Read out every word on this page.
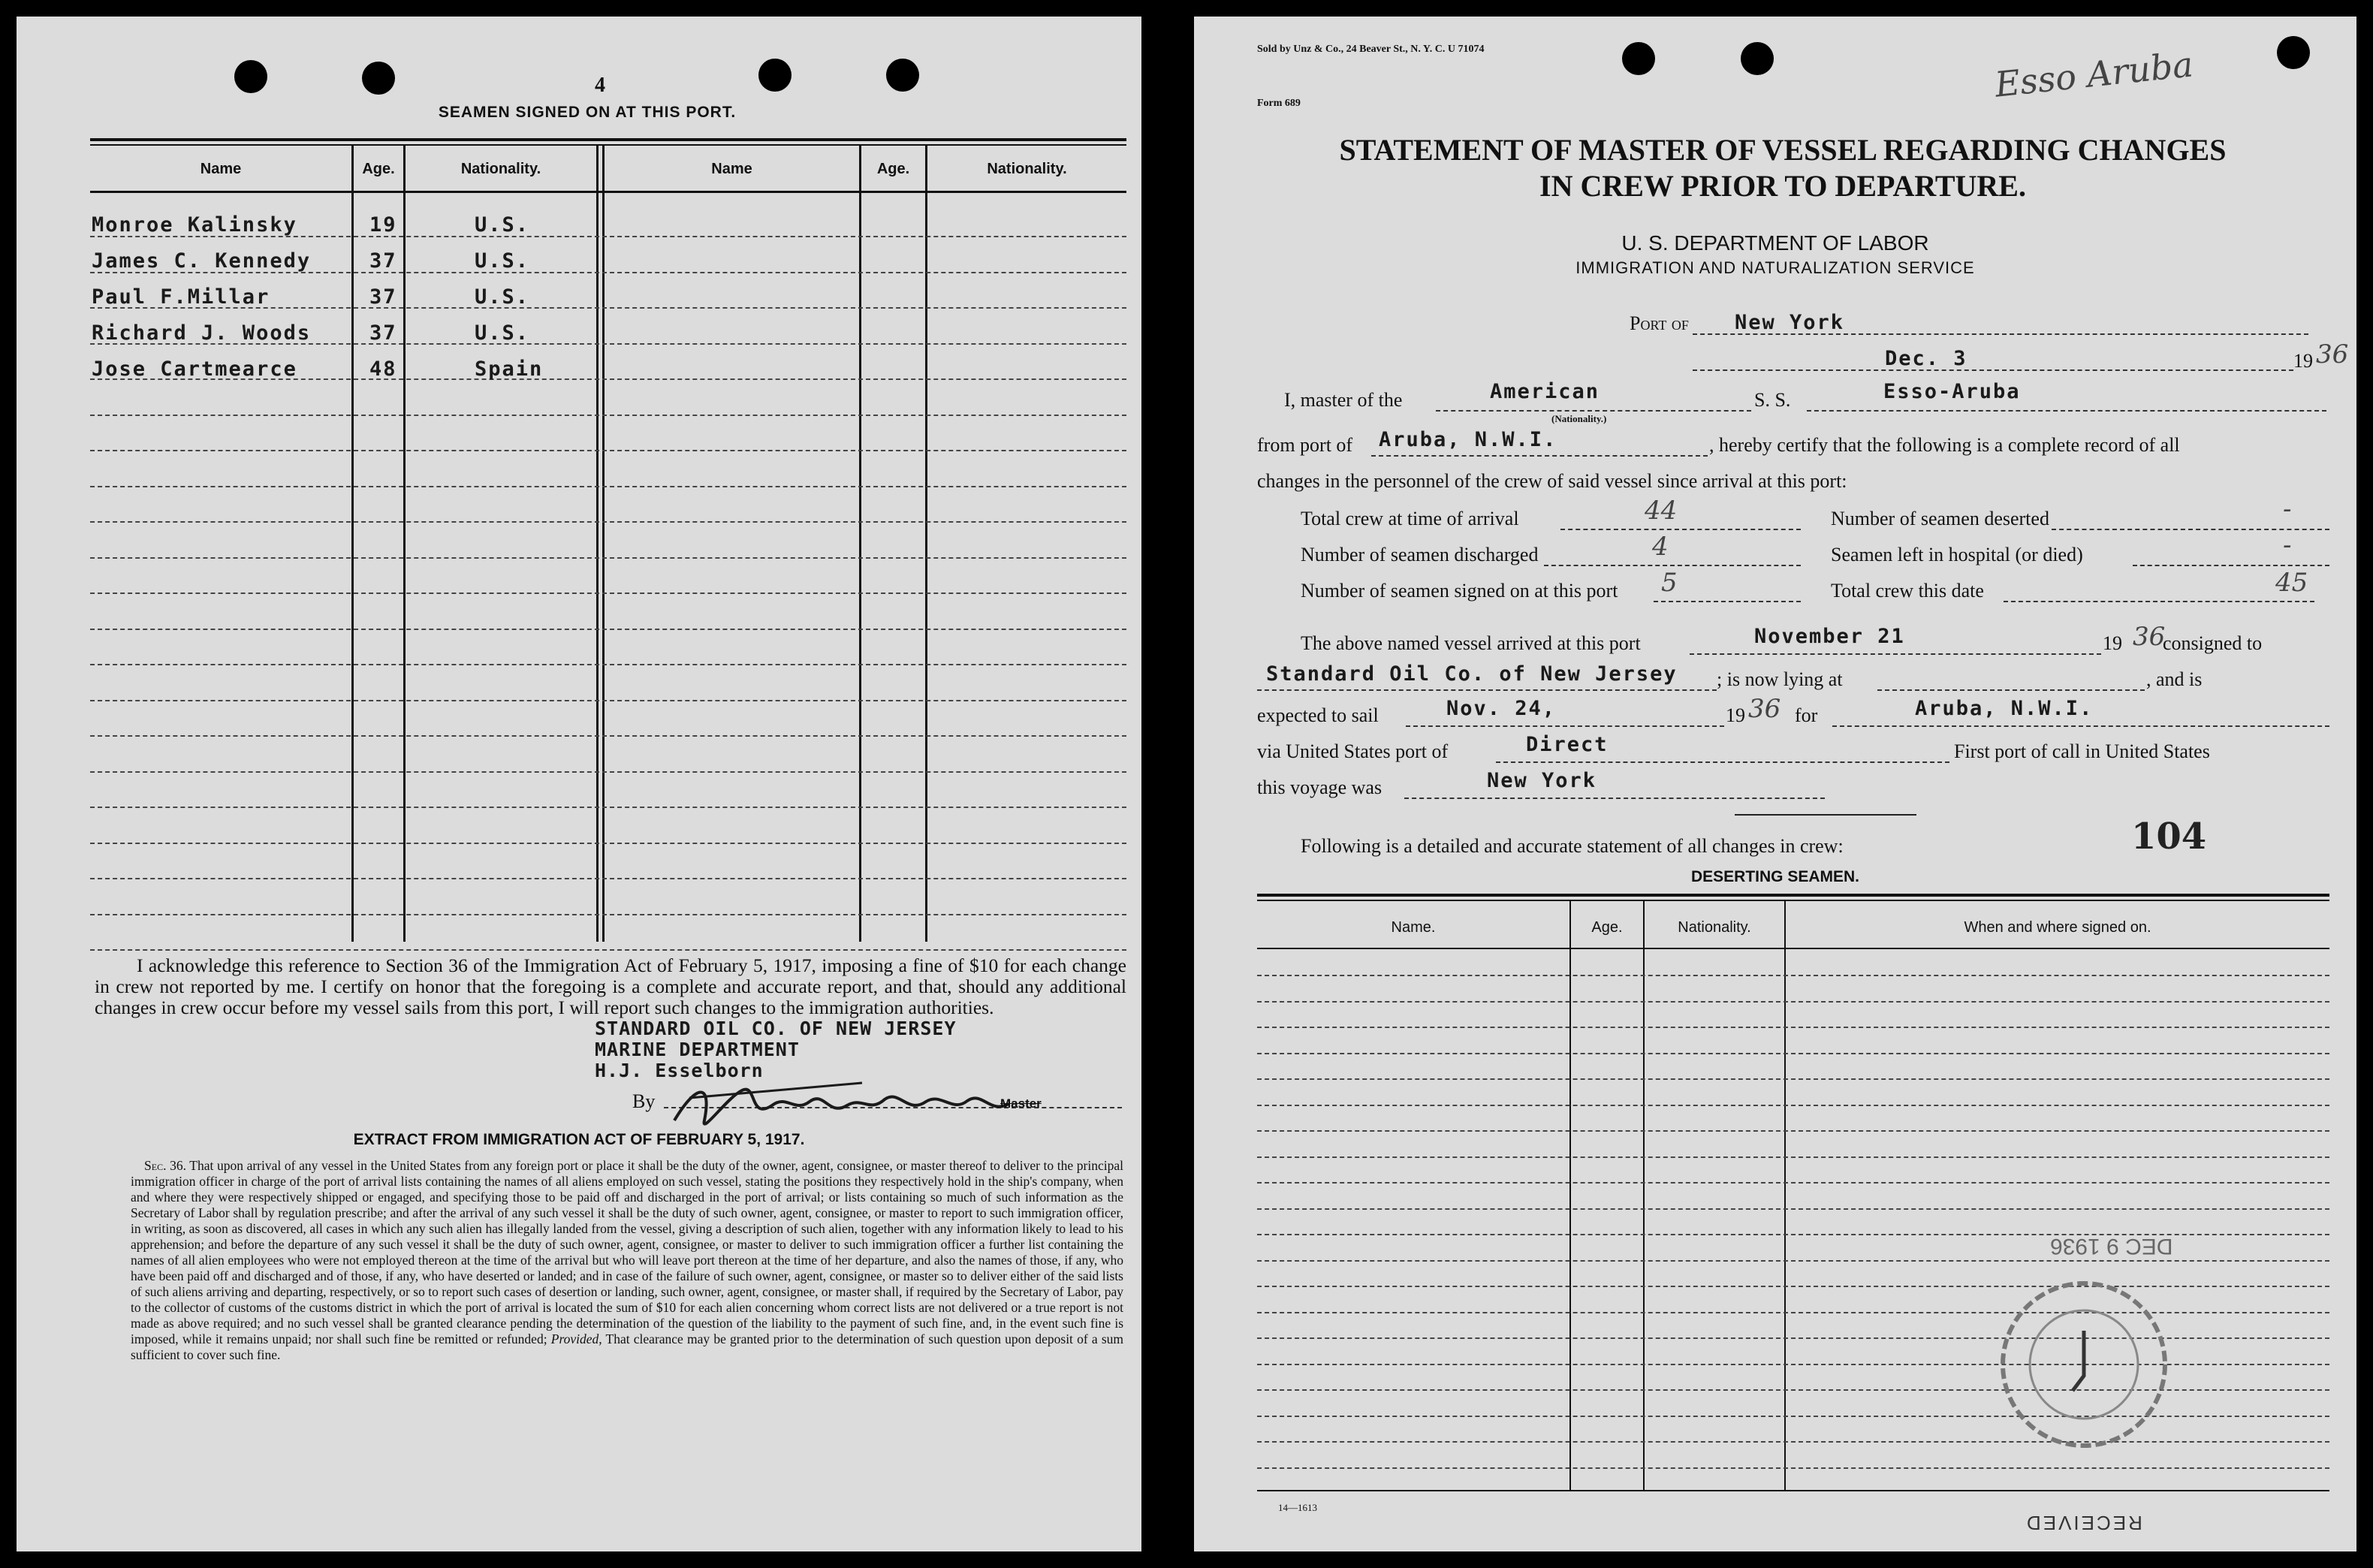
4
SEAMEN SIGNED ON AT THIS PORT.
Name	Age.	Nationality.	Name	Age.	Nationality.
Monroe Kalinsky	19	U.S.
James C. Kennedy	37	U.S.
Paul F.Millar	37	U.S.
Richard J. Woods	37	U.S.
Jose Cartmearce	48	Spain
I acknowledge this reference to Section 36 of the Immigration Act of February 5, 1917, imposing a fine of $10 for each change in crew not reported by me. I certify on honor that the foregoing is a complete and accurate report, and that, should any additional changes in crew occur before my vessel sails from this port, I will report such changes to the immigration authorities.
STANDARD OIL CO. OF NEW JERSEY
MARINE DEPARTMENT
H.J. Esselborn
By	Master
EXTRACT FROM IMMIGRATION ACT OF FEBRUARY 5, 1917.
Sec. 36. That upon arrival of any vessel in the United States from any foreign port or place it shall be the duty of the owner, agent, consignee, or master thereof to deliver to the principal immigration officer in charge of the port of arrival lists containing the names of all aliens employed on such vessel, stating the positions they respectively hold in the ship's company, when and where they were respectively shipped or engaged, and specifying those to be paid off and discharged in the port of arrival; or lists containing so much of such information as the Secretary of Labor shall by regulation prescribe; and after the arrival of any such vessel it shall be the duty of such owner, agent, consignee, or master to report to such immigration officer, in writing, as soon as discovered, all cases in which any such alien has illegally landed from the vessel, giving a description of such alien, together with any information likely to lead to his apprehension; and before the departure of any such vessel it shall be the duty of such owner, agent, consignee, or master to deliver to such immigration officer a further list containing the names of all alien employees who were not employed thereon at the time of the arrival but who will leave port thereon at the time of her departure, and also the names of those, if any, who have been paid off and discharged and of those, if any, who have deserted or landed; and in case of the failure of such owner, agent, consignee, or master so to deliver either of the said lists of such aliens arriving and departing, respectively, or so to report such cases of desertion or landing, such owner, agent, consignee, or master shall, if required by the Secretary of Labor, pay to the collector of customs of the customs district in which the port of arrival is located the sum of $10 for each alien concerning whom correct lists are not delivered or a true report is not made as above required; and no such vessel shall be granted clearance pending the determination of the question of the liability to the payment of such fine, and, in the event such fine is imposed, while it remains unpaid; nor shall such fine be remitted or refunded; Provided, That clearance may be granted prior to the determination of such question upon deposit of a sum sufficient to cover such fine.
Sold by Unz & Co., 24 Beaver St., N. Y. C. U 71074	Esso Aruba
Form 689
STATEMENT OF MASTER OF VESSEL REGARDING CHANGES
IN CREW PRIOR TO DEPARTURE.
U. S. DEPARTMENT OF LABOR
IMMIGRATION AND NATURALIZATION SERVICE
Port of New York
Dec. 3	19 36
I, master of the	American
(Nationality.)
S. S.	Esso-Aruba
from port of Aruba, N.W.I.	, hereby certify that the following is a complete record of all
changes in the personnel of the crew of said vessel since arrival at this port:
Total crew at time of arrival	44
Number of seamen discharged	4
Number of seamen signed on at this port 5
Number of seamen deserted	-
Seamen left in hospital (or died)	-
Total crew this date	45
The above named vessel arrived at this port	November 21	19 36
consigned to
Standard Oil Co. of New Jersey ; is now lying at	, and is
expected to sail	Nov. 24,	19 36 for	Aruba, N.W.I.
via United States port of	Direct	First port of call in United States
this voyage was	New York
Following is a detailed and accurate statement of all changes in crew:	104
DESERTING SEAMEN.
Name.	Age.	Nationality.	When and where signed on.
14—1613
RECEIVED
DEC 9 1936
